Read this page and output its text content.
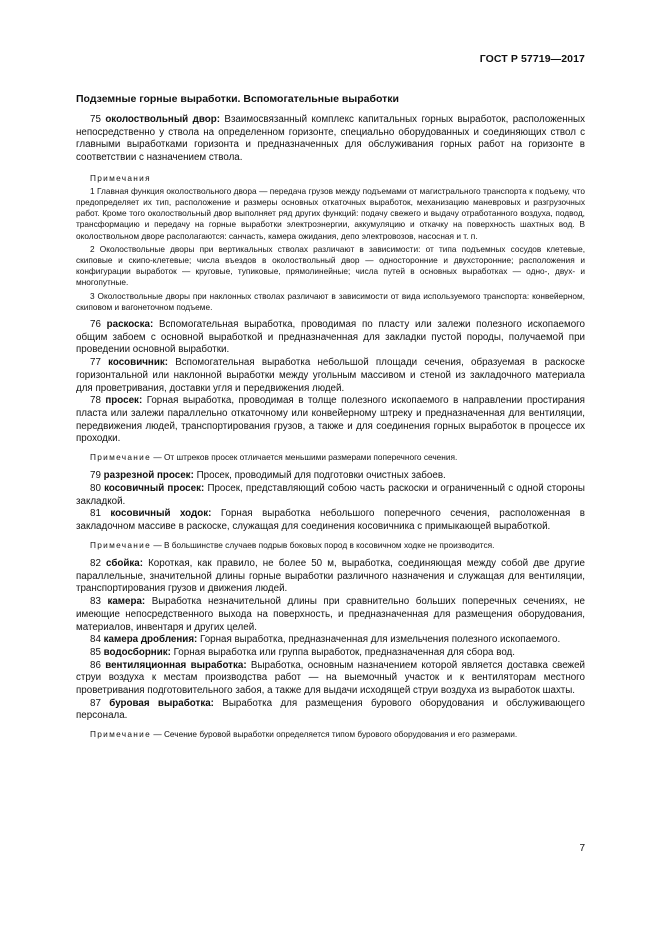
ГОСТ Р 57719—2017
Подземные горные выработки. Вспомогательные выработки

75 околоствольный двор: Взаимосвязанный комплекс капитальных горных выработок, расположенных непосредственно у ствола на определенном горизонте, специально оборудованных и соединяющих ствол с главными выработками горизонта и предназначенных для обслуживания горных работ на горизонте в соответствии с назначением ствола.

Примечания

1 Главная функция околоствольного двора — передача грузов между подъемами от магистрального транспорта к подъему, что предопределяет их тип, расположение и размеры основных откаточных выработок, механизацию маневровых и разгрузочных работ. Кроме того околоствольный двор выполняет ряд других функций: подачу свежего и выдачу отработанного воздуха, подвод, трансформацию и передачу на горные выработки электроэнергии, аккумуляцию и откачку на поверхность шахтных вод. В околоствольном дворе располагаются: санчасть, камера ожидания, депо электровозов, насосная и т. п.

2 Околоствольные дворы при вертикальных стволах различают в зависимости: от типа подъемных сосудов клетевые, скиповые и скипо-клетевые; числа въездов в околоствольный двор — односторонние и двухсторонние; расположения и конфигурации выработок — круговые, тупиковые, прямолинейные; числа путей в основных выработках — одно-, двух- и многопутные.

3 Околоствольные дворы при наклонных стволах различают в зависимости от вида используемого транспорта: конвейерном, скиповом и вагонеточном подъеме.

76 раскоска: Вспомогательная выработка, проводимая по пласту или залежи полезного ископаемого общим забоем с основной выработкой и предназначенная для закладки пустой породы, получаемой при проведении основной выработки.

77 косовичник: Вспомогательная выработка небольшой площади сечения, образуемая в раскоске горизонтальной или наклонной выработки между угольным массивом и стеной из закладочного материала для проветривания, доставки угля и передвижения людей.

78 просек: Горная выработка, проводимая в толще полезного ископаемого в направлении простирания пласта или залежи параллельно откаточному или конвейерному штреку и предназначенная для вентиляции, передвижения людей, транспортирования грузов, а также и для соединения горных выработок в процессе их проходки.

Примечание — От штреков просек отличается меньшими размерами поперечного сечения.

79 разрезной просек: Просек, проводимый для подготовки очистных забоев.

80 косовичный просек: Просек, представляющий собою часть раскоски и ограниченный с одной стороны закладкой.

81 косовичный ходок: Горная выработка небольшого поперечного сечения, расположенная в закладочном массиве в раскоске, служащая для соединения косовичника с примыкающей выработкой.

Примечание — В большинстве случаев подрыв боковых пород в косовичном ходке не производится.

82 сбойка: Короткая, как правило, не более 50 м, выработка, соединяющая между собой две другие параллельные, значительной длины горные выработки различного назначения и служащая для вентиляции, транспортирования грузов и движения людей.

83 камера: Выработка незначительной длины при сравнительно больших поперечных сечениях, не имеющие непосредственного выхода на поверхность, и предназначенная для размещения оборудования, материалов, инвентаря и других целей.

84 камера дробления: Горная выработка, предназначенная для измельчения полезного ископаемого.

85 водосборник: Горная выработка или группа выработок, предназначенная для сбора вод.

86 вентиляционная выработка: Выработка, основным назначением которой является доставка свежей струи воздуха к местам производства работ — на выемочный участок и к вентиляторам местного проветривания подготовительного забоя, а также для выдачи исходящей струи воздуха из выработок шахты.

87 буровая выработка: Выработка для размещения бурового оборудования и обслуживающего персонала.

Примечание — Сечение буровой выработки определяется типом бурового оборудования и его размерами.

7
